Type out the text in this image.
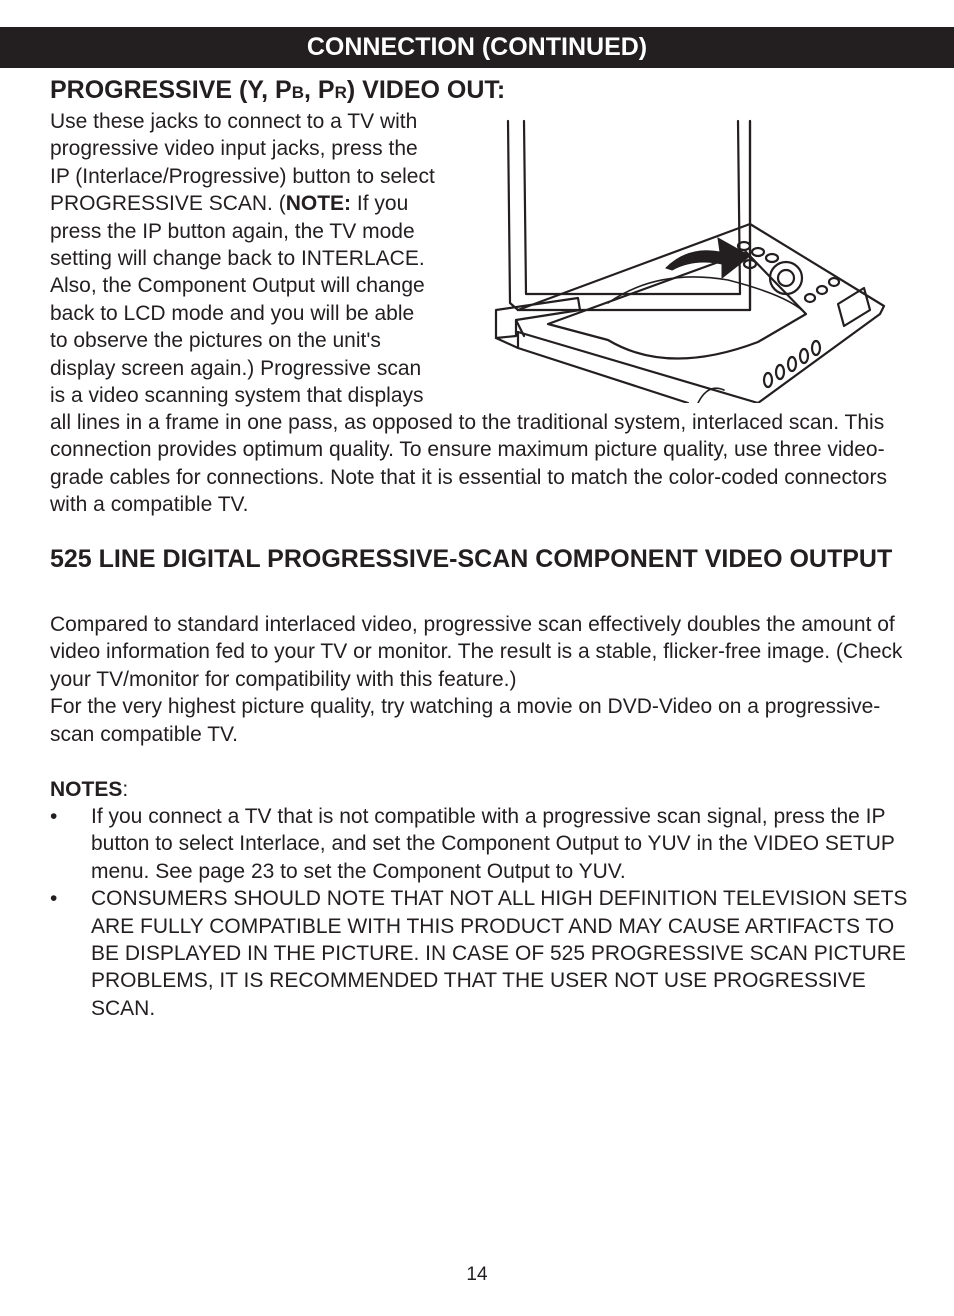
CONNECTION (CONTINUED)
PROGRESSIVE (Y, PB, PR) VIDEO OUT:
Use these jacks to connect to a TV with
progressive video input jacks, press the
IP (Interlace/Progressive) button to select
PROGRESSIVE SCAN. (NOTE: If you
press the IP button again, the TV mode
setting will change back to INTERLACE.
Also, the Component Output will change
back to LCD mode and you will be able
to observe the pictures on the unit's
display screen again.) Progressive scan
is a video scanning system that displays

all lines in a frame in one pass, as opposed to the traditional system, interlaced scan. This connection provides optimum quality. To ensure maximum picture quality, use three video-grade cables for connections. Note that it is essential to match the color-coded connectors with a compatible TV.

525 LINE DIGITAL PROGRESSIVE-SCAN COMPONENT VIDEO OUTPUT

Compared to standard interlaced video, progressive scan effectively doubles the amount of video information fed to your TV or monitor. The result is a stable, flicker-free image. (Check your TV/monitor for compatibility with this feature.)

For the very highest picture quality, try watching a movie on DVD-Video on a progressive-scan compatible TV.

NOTES:
• If you connect a TV that is not compatible with a progressive scan signal, press the IP button to select Interlace, and set the Component Output to YUV in the VIDEO SETUP menu. See page 23 to set the Component Output to YUV.
• CONSUMERS SHOULD NOTE THAT NOT ALL HIGH DEFINITION TELEVISION SETS ARE FULLY COMPATIBLE WITH THIS PRODUCT AND MAY CAUSE ARTIFACTS TO BE DISPLAYED IN THE PICTURE. IN CASE OF 525 PROGRESSIVE SCAN PICTURE PROBLEMS, IT IS RECOMMENDED THAT THE USER NOT USE PROGRESSIVE SCAN.
14
